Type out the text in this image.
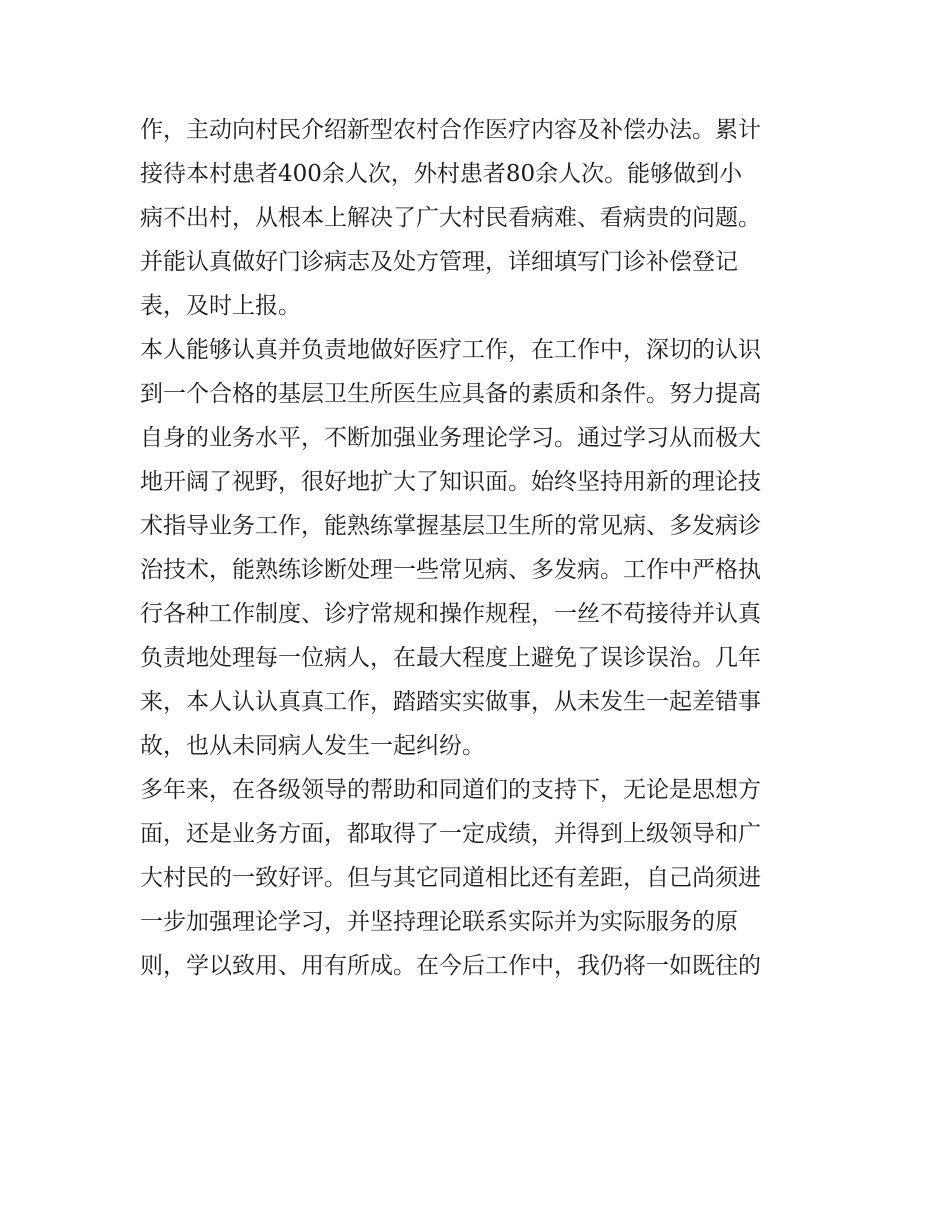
作，主动向村民介绍新型农村合作医疗内容及补偿办法。累计
接待本村患者400余人次，外村患者80余人次。能够做到小
病不出村，从根本上解决了广大村民看病难、看病贵的问题。
并能认真做好门诊病志及处方管理，详细填写门诊补偿登记
表，及时上报。
本人能够认真并负责地做好医疗工作，在工作中，深切的认识
到一个合格的基层卫生所医生应具备的素质和条件。努力提高
自身的业务水平，不断加强业务理论学习。通过学习从而极大
地开阔了视野，很好地扩大了知识面。始终坚持用新的理论技
术指导业务工作，能熟练掌握基层卫生所的常见病、多发病诊
治技术，能熟练诊断处理一些常见病、多发病。工作中严格执
行各种工作制度、诊疗常规和操作规程，一丝不苟接待并认真
负责地处理每一位病人，在最大程度上避免了误诊误治。几年
来，本人认认真真工作，踏踏实实做事，从未发生一起差错事
故，也从未同病人发生一起纠纷。
多年来，在各级领导的帮助和同道们的支持下，无论是思想方
面，还是业务方面，都取得了一定成绩，并得到上级领导和广
大村民的一致好评。但与其它同道相比还有差距，自己尚须进
一步加强理论学习，并坚持理论联系实际并为实际服务的原
则，学以致用、用有所成。在今后工作中，我仍将一如既往的
